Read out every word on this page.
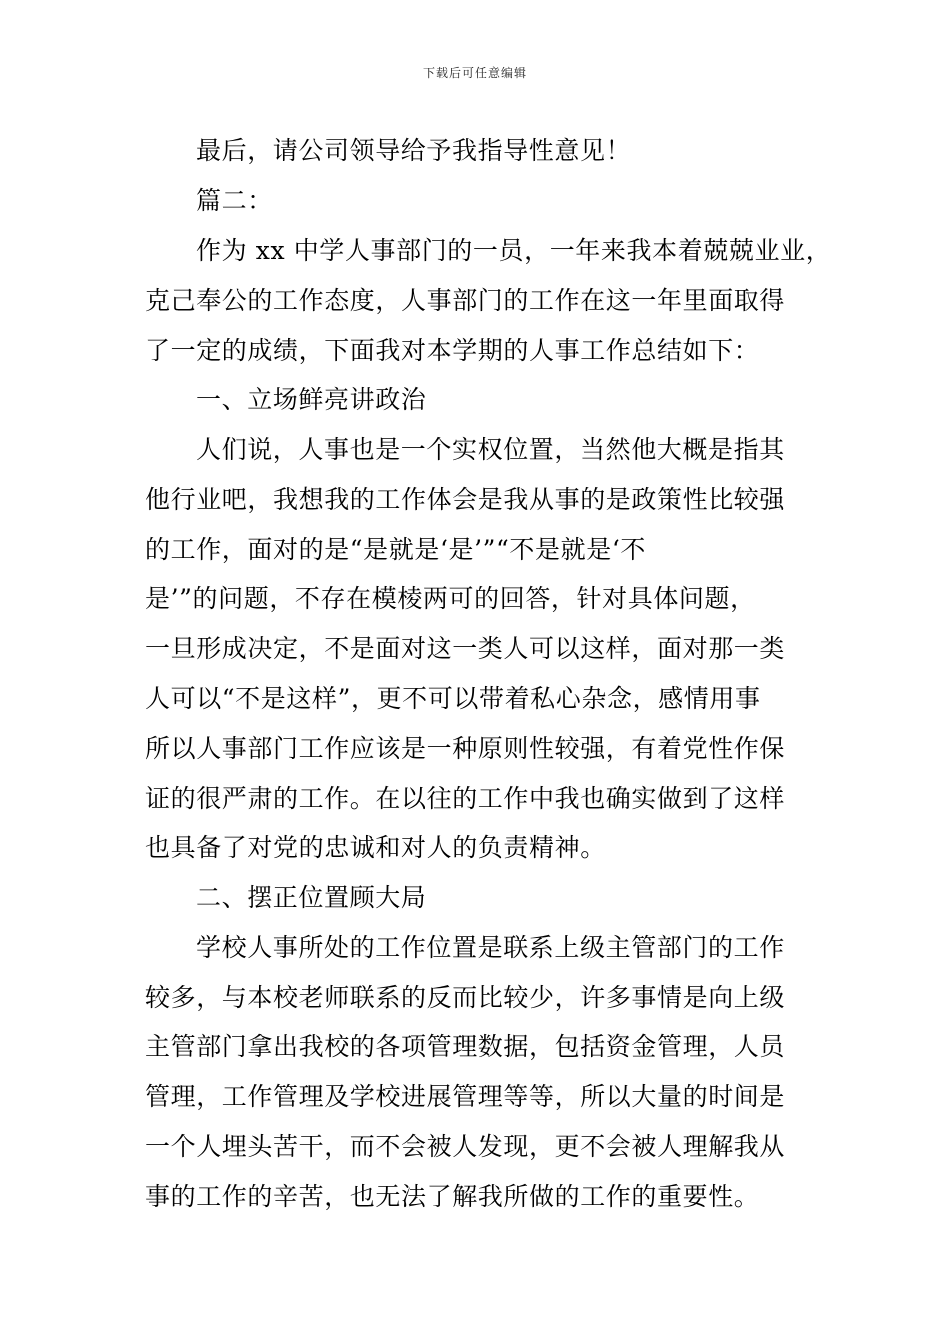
下载后可任意编辑
最后，请公司领导给予我指导性意见！
篇二：
作为 xx 中学人事部门的一员，一年来我本着兢兢业业，
克己奉公的工作态度，人事部门的工作在这一年里面取得
了一定的成绩，下面我对本学期的人事工作总结如下：
一、立场鲜亮讲政治
人们说，人事也是一个实权位置，当然他大概是指其
他行业吧，我想我的工作体会是我从事的是政策性比较强
的工作，面对的是“是就是‘是’”“不是就是‘不
是’”的问题，不存在模棱两可的回答，针对具体问题，
一旦形成决定，不是面对这一类人可以这样，面对那一类
人可以“不是这样”，更不可以带着私心杂念，感情用事
所以人事部门工作应该是一种原则性较强，有着党性作保
证的很严肃的工作。在以往的工作中我也确实做到了这样
也具备了对党的忠诚和对人的负责精神。
二、摆正位置顾大局
学校人事所处的工作位置是联系上级主管部门的工作
较多，与本校老师联系的反而比较少，许多事情是向上级
主管部门拿出我校的各项管理数据，包括资金管理，人员
管理，工作管理及学校进展管理等等，所以大量的时间是
一个人埋头苦干，而不会被人发现，更不会被人理解我从
事的工作的辛苦，也无法了解我所做的工作的重要性。
